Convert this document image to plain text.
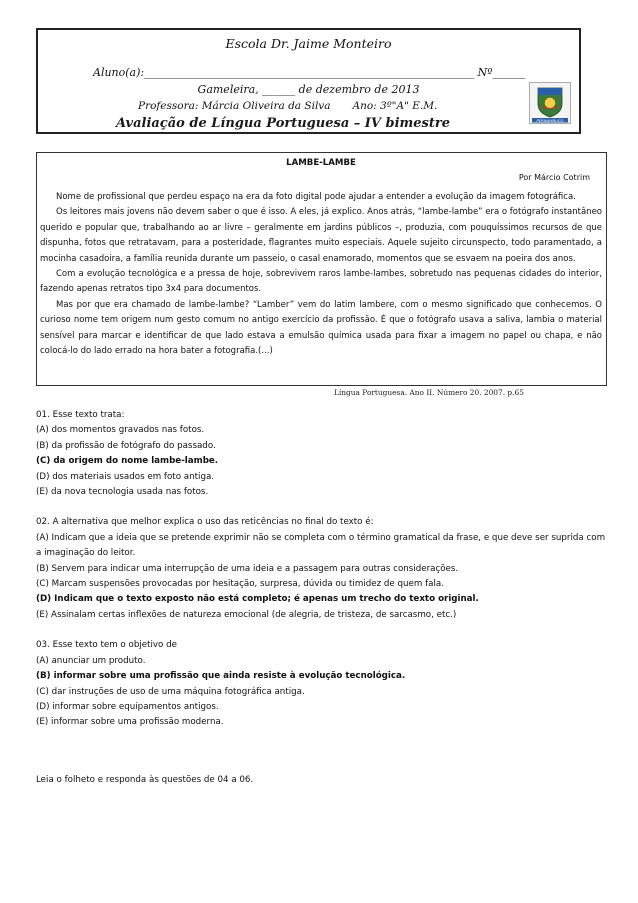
Escola Dr. Jaime Monteiro
Aluno(a):____________________________________________________________ Nº______
Gameleira, ______ de dezembro de 2013
Professora: Márcia Oliveira da Silva Ano: 3º"A" E.M.
Avaliação de Língua Portuguesa – IV bimestre	PERNAMBUCO
LAMBE-LAMBE
Por Márcio Cotrim

Nome de profissional que perdeu espaço na era da foto digital pode ajudar a entender a evolução da imagem fotográfica.

Os leitores mais jovens não devem saber o que é isso. A eles, já explico. Anos atrás, “lambe-lambe” era o fotógrafo instantâneo querido e popular que, trabalhando ao ar livre – geralmente em jardins públicos –, produzia, com pouquíssimos recursos de que dispunha, fotos que retratavam, para a posteridade, flagrantes muito especiais. Aquele sujeito circunspecto, todo paramentado, a mocinha casadoira, a família reunida durante um passeio, o casal enamorado, momentos que se esvaem na poeira dos anos.

Com a evolução tecnológica e a pressa de hoje, sobrevivem raros lambe-lambes, sobretudo nas pequenas cidades do interior, fazendo apenas retratos tipo 3x4 para documentos.

Mas por que era chamado de lambe-lambe? “Lamber” vem do latim lambere, com o mesmo significado que conhecemos. O curioso nome tem origem num gesto comum no antigo exercício da profissão. É que o fotógrafo usava a saliva, lambia o material sensível para marcar e identificar de que lado estava a emulsão química usada para fixar a imagem no papel ou chapa, e não colocá-lo do lado errado na hora bater a fotografia.(...)

Língua Portuguesa. Ano II. Número 20. 2007. p.65
01. Esse texto trata:
(A) dos momentos gravados nas fotos.
(B) da profissão de fotógrafo do passado.
(C) da origem do nome lambe-lambe.
(D) dos materiais usados em foto antiga.
(E) da nova tecnologia usada nas fotos.
02. A alternativa que melhor explica o uso das reticências no final do texto é:
(A) Indicam que a ideia que se pretende exprimir não se completa com o término gramatical da frase, e que deve ser suprida com a imaginação do leitor.
(B) Servem para indicar uma interrupção de uma ideia e a passagem para outras considerações.
(C) Marcam suspensões provocadas por hesitação, surpresa, dúvida ou timidez de quem fala.
(D) Indicam que o texto exposto não está completo; é apenas um trecho do texto original.
(E) Assinalam certas inflexões de natureza emocional (de alegria, de tristeza, de sarcasmo, etc.)
03. Esse texto tem o objetivo de
(A) anunciar um produto.
(B) informar sobre uma profissão que ainda resiste à evolução tecnológica.
(C) dar instruções de uso de uma máquina fotográfica antiga.
(D) informar sobre equipamentos antigos.
(E) informar sobre uma profissão moderna.
Leia o folheto e responda às questões de 04 a 06.
